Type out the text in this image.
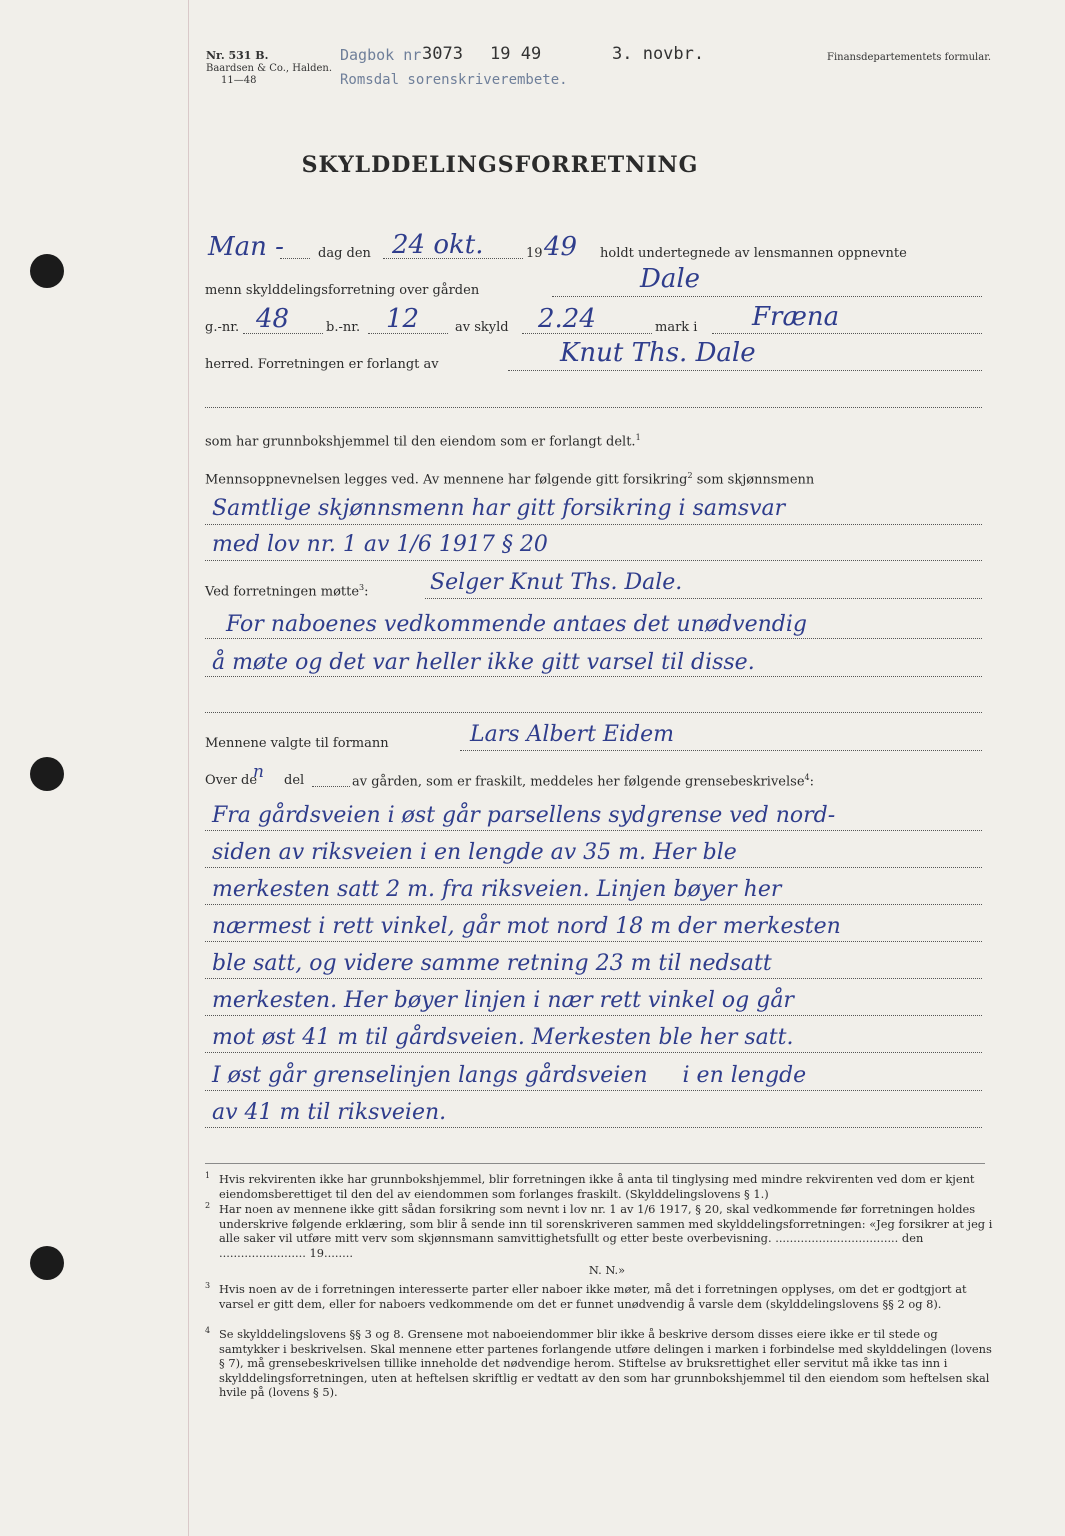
Nr. 531 B.
Baardsen & Co., Halden.
11—48
Finansdepartementets formular.
Dagbok nr 3073 19 49
Romsdal sorenskriverembete.
3. novbr.
SKYLDDELINGSFORRETNING
Man -	dag den 24 okt.	19 49 holdt undertegnede av lensmannen oppnevnte
menn skylddelingsforretning over gården	Dale
g.-nr. 48	b.-nr. 12	av skyld 2.24	mark i Fræna
herred. Forretningen er forlangt av	Knut Ths. Dale
som har grunnbokshjemmel til den eiendom som er forlangt delt.$^1$
Mennsoppnevnelsen legges ved. Av mennene har følgende gitt forsikring$^2$ som skjønnsmenn
Samtlige skjønnsmenn har gitt forsikring i samsvar
med lov nr. 1 av 1/6 1917 § 20
Ved forretningen møtte$^3$:	Selger Knut Ths. Dale.
For naboenes vedkommende antaes det unødvendig
å møte og det var heller ikke gitt varsel til disse.
Mennene valgte til formann	Lars Albert Eidem
Over de
n del	av gården, som er fraskilt, meddeles her følgende grensebeskrivelse$^4$:
Fra gårdsveien i øst går parsellens sydgrense ved nord-
siden av riksveien i en lengde av 35 m. Her ble
merkesten satt 2 m. fra riksveien. Linjen bøyer her
nærmest i rett vinkel, går mot nord 18 m der merkesten
ble satt, og videre samme retning 23 m til nedsatt
merkesten. Her bøyer linjen i nær rett vinkel og går
mot øst 41 m til gårdsveien. Merkesten ble her satt.
I øst går grenselinjen langs gårdsveien     i en lengde
av 41 m til riksveien.
1 Hvis rekvirenten ikke har grunnbokshjemmel, blir forretningen ikke å anta til tinglysing med mindre rekvirenten ved dom er kjent eiendomsberettiget til den del av eiendommen som forlanges fraskilt. (Skylddelingslovens § 1.)
2 Har noen av mennene ikke gitt sådan forsikring som nevnt i lov nr. 1 av 1/6 1917, § 20, skal vedkommende før forretningen holdes underskrive følgende erklæring, som blir å sende inn til sorenskriveren sammen med skylddelingsforretningen: «Jeg forsikrer at jeg i alle saker vil utføre mitt verv som skjønnsmann samvittighetsfullt og etter beste overbevisning. .................................. den ........................ 19........
N. N.»
3 Hvis noen av de i forretningen interesserte parter eller naboer ikke møter, må det i forretningen opplyses, om det er godtgjort at varsel er gitt dem, eller for naboers vedkommende om det er funnet unødvendig å varsle dem (skylddelingslovens §§ 2 og 8).
4 Se skylddelingslovens §§ 3 og 8. Grensene mot naboeiendommer blir ikke å beskrive dersom disses eiere ikke er til stede og samtykker i beskrivelsen. Skal mennene etter partenes forlangende utføre delingen i marken i forbindelse med skylddelingen (lovens § 7), må grensebeskrivelsen tillike inneholde det nødvendige herom. Stiftelse av bruksrettighet eller servitut må ikke tas inn i skylddelingsforretningen, uten at heftelsen skriftlig er vedtatt av den som har grunnbokshjemmel til den eiendom som heftelsen skal hvile på (lovens § 5).
